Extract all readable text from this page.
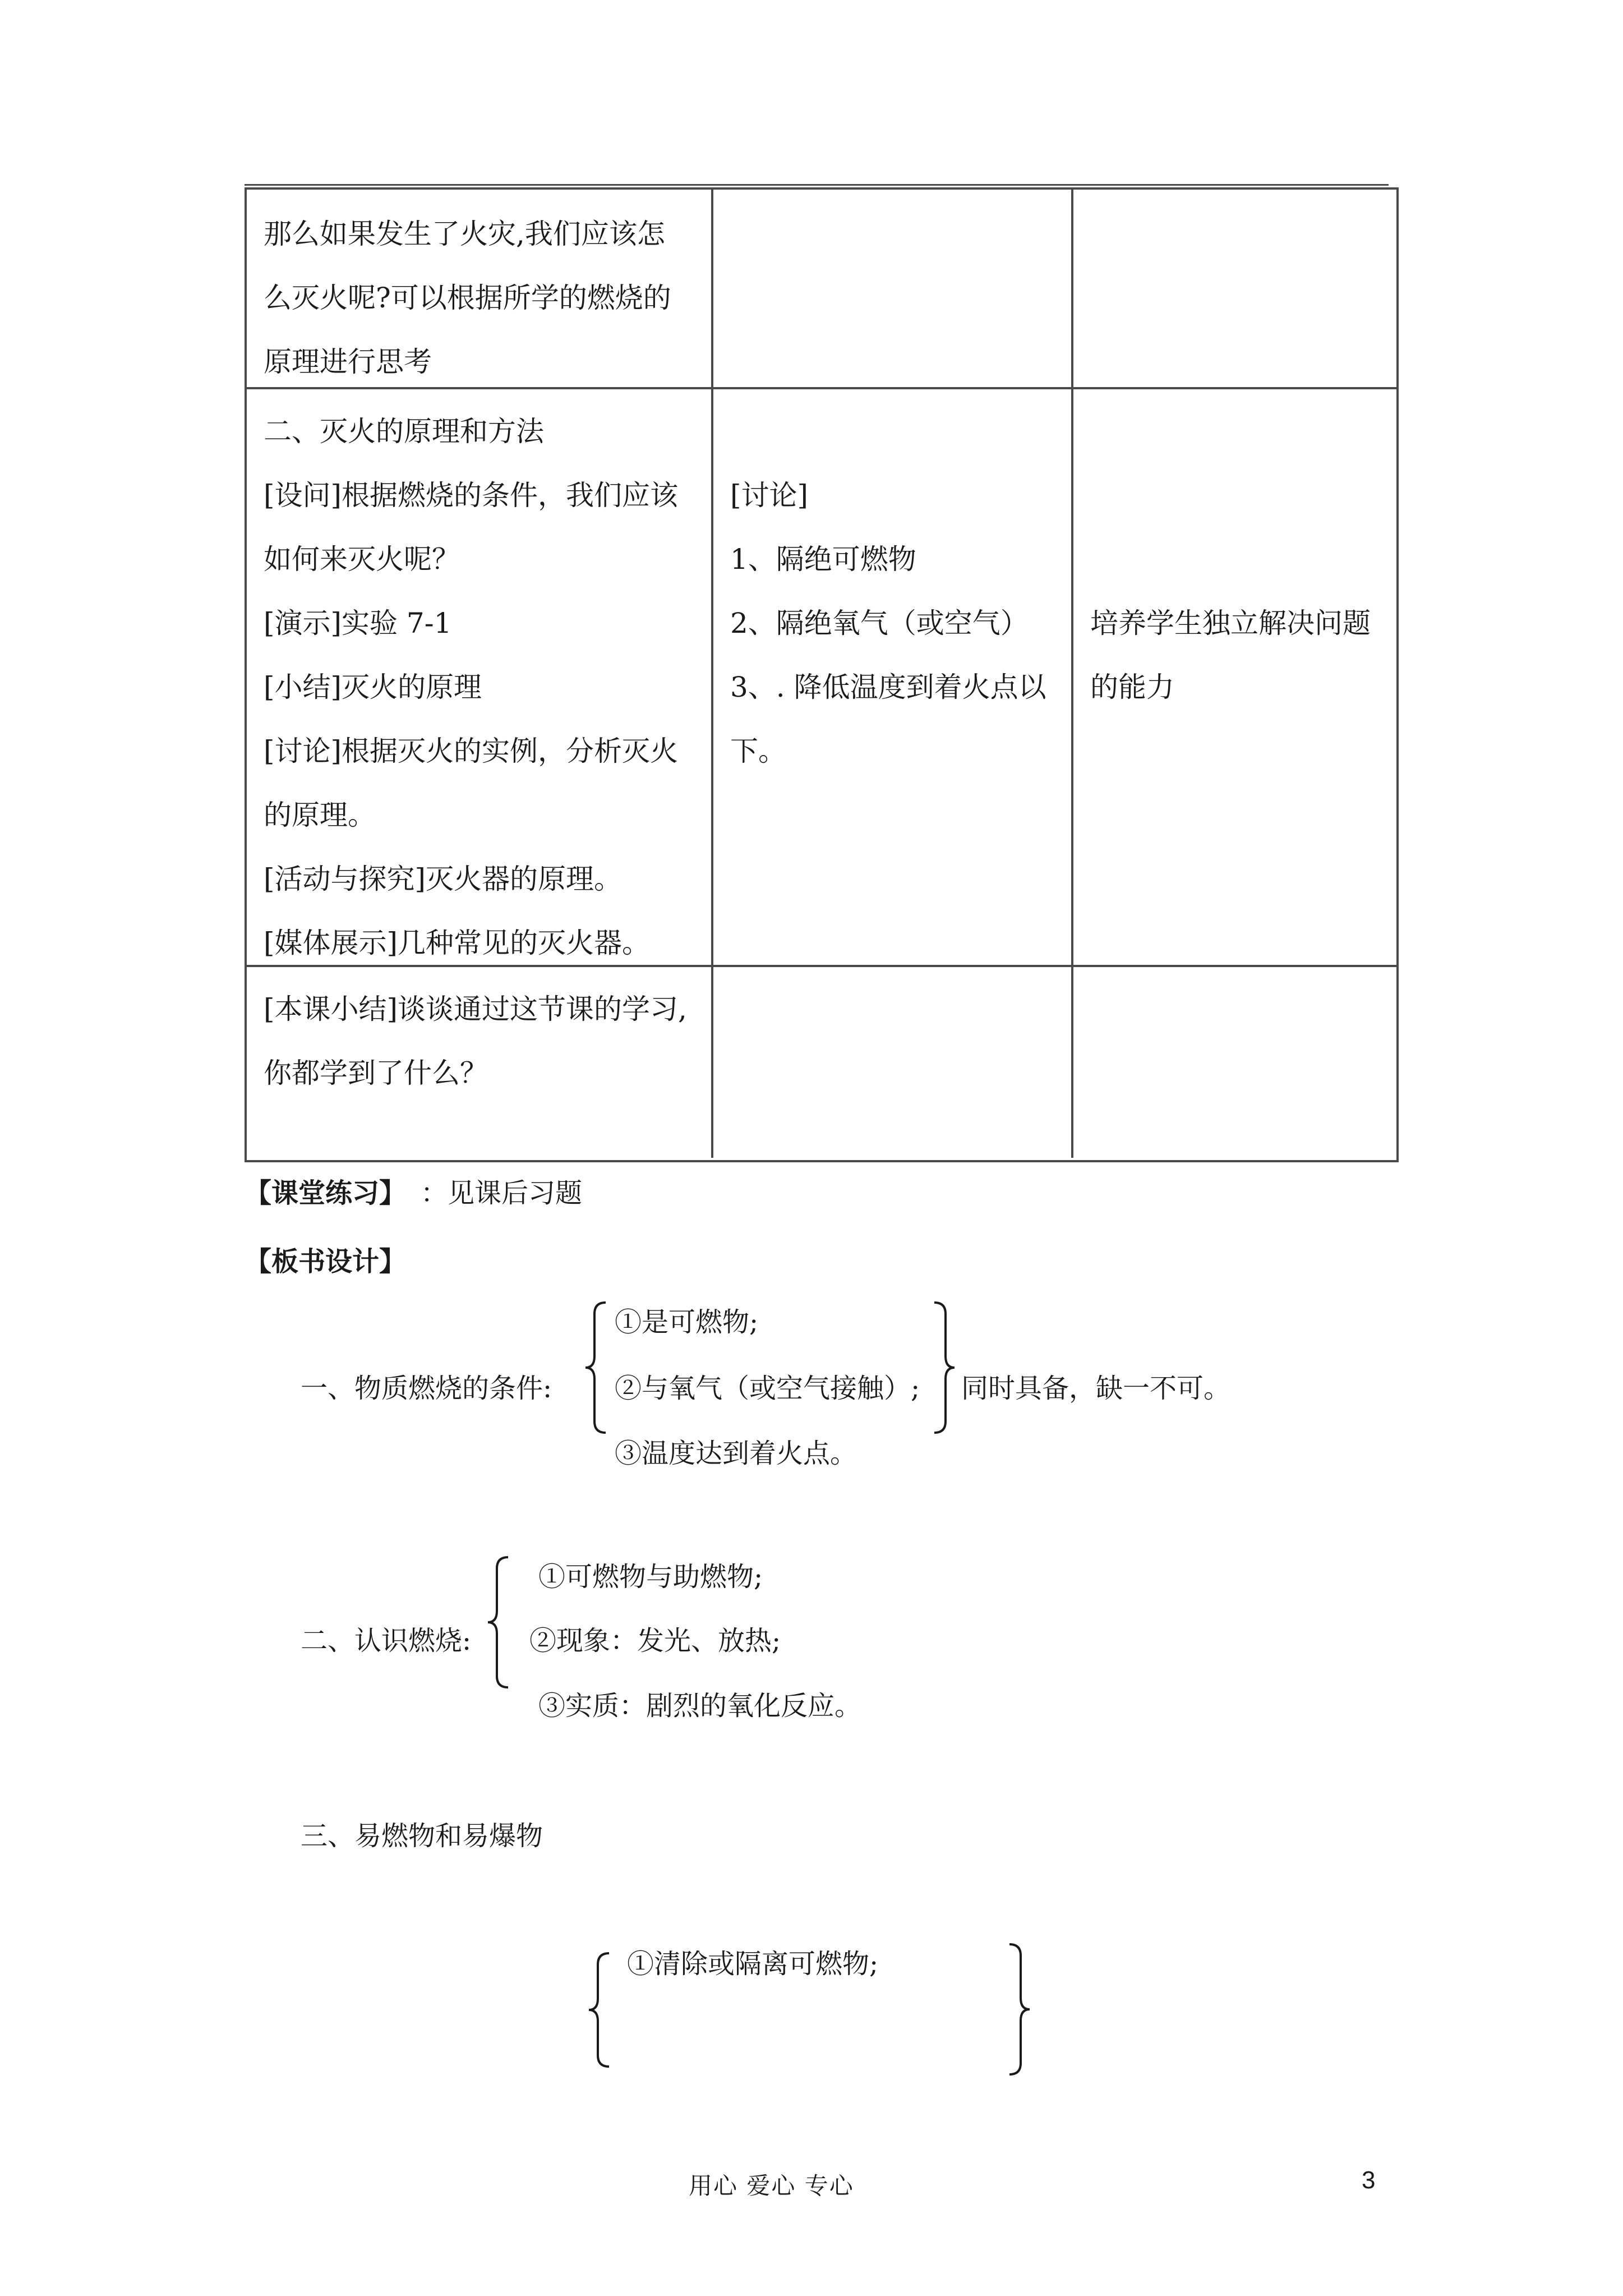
那么如果发生了火灾,我们应该怎
么灭火呢?可以根据所学的燃烧的
原理进行思考
二、灭火的原理和方法
[设问]根据燃烧的条件，我们应该
如何来灭火呢？
[演示]实验 7-1
[小结]灭火的原理
[讨论]根据灭火的实例，分析灭火
的原理。
[活动与探究]灭火器的原理。
[媒体展示]几种常见的灭火器。
[讨论]
1、隔绝可燃物
2、隔绝氧气（或空气）
3、. 降低温度到着火点以
下。
培养学生独立解决问题
的能力
[本课小结]谈谈通过这节课的学习,
你都学到了什么？
【课堂练习】 ：见课后习题
【板书设计】
一、物质燃烧的条件:
①是可燃物;
②与氧气（或空气接触）;
③温度达到着火点。
同时具备，缺一不可。
二、认识燃烧:
①可燃物与助燃物;
②现象：发光、放热;
③实质：剧烈的氧化反应。
三、易燃物和易爆物
①清除或隔离可燃物;
用心 爱心 专心	3
